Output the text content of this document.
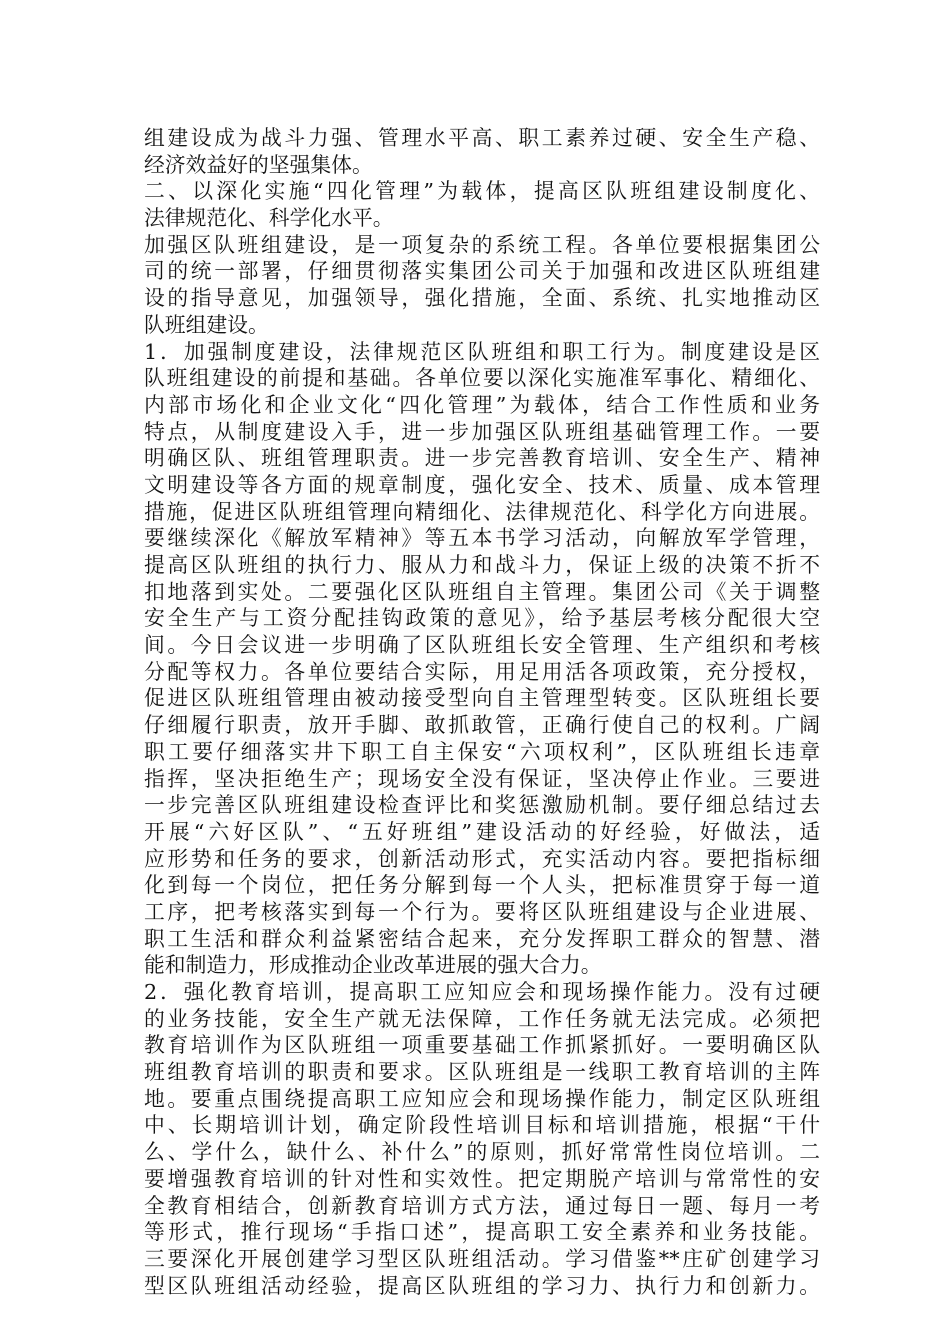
组建设成为战斗力强、管理水平高、职工素养过硬、安全生产稳、
经济效益好的坚强集体。
二、以深化实施“四化管理”为载体，提高区队班组建设制度化、
法律规范化、科学化水平。
加强区队班组建设，是一项复杂的系统工程。各单位要根据集团公
司的统一部署，仔细贯彻落实集团公司关于加强和改进区队班组建
设的指导意见，加强领导，强化措施，全面、系统、扎实地推动区
队班组建设。
1．加强制度建设，法律规范区队班组和职工行为。制度建设是区
队班组建设的前提和基础。各单位要以深化实施准军事化、精细化、
内部市场化和企业文化“四化管理”为载体，结合工作性质和业务
特点，从制度建设入手，进一步加强区队班组基础管理工作。一要
明确区队、班组管理职责。进一步完善教育培训、安全生产、精神
文明建设等各方面的规章制度，强化安全、技术、质量、成本管理
措施，促进区队班组管理向精细化、法律规范化、科学化方向进展。
要继续深化《解放军精神》等五本书学习活动，向解放军学管理，
提高区队班组的执行力、服从力和战斗力，保证上级的决策不折不
扣地落到实处。二要强化区队班组自主管理。集团公司《关于调整
安全生产与工资分配挂钩政策的意见》，给予基层考核分配很大空
间。今日会议进一步明确了区队班组长安全管理、生产组织和考核
分配等权力。各单位要结合实际，用足用活各项政策，充分授权，
促进区队班组管理由被动接受型向自主管理型转变。区队班组长要
仔细履行职责，放开手脚、敢抓敢管，正确行使自己的权利。广阔
职工要仔细落实井下职工自主保安“六项权利”，区队班组长违章
指挥，坚决拒绝生产；现场安全没有保证，坚决停止作业。三要进
一步完善区队班组建设检查评比和奖惩激励机制。要仔细总结过去
开展“六好区队”、“五好班组”建设活动的好经验，好做法，适
应形势和任务的要求，创新活动形式，充实活动内容。要把指标细
化到每一个岗位，把任务分解到每一个人头，把标准贯穿于每一道
工序，把考核落实到每一个行为。要将区队班组建设与企业进展、
职工生活和群众利益紧密结合起来，充分发挥职工群众的智慧、潜
能和制造力，形成推动企业改革进展的强大合力。
2．强化教育培训，提高职工应知应会和现场操作能力。没有过硬
的业务技能，安全生产就无法保障，工作任务就无法完成。必须把
教育培训作为区队班组一项重要基础工作抓紧抓好。一要明确区队
班组教育培训的职责和要求。区队班组是一线职工教育培训的主阵
地。要重点围绕提高职工应知应会和现场操作能力，制定区队班组
中、长期培训计划，确定阶段性培训目标和培训措施，根据“干什
么、学什么，缺什么、补什么”的原则，抓好常常性岗位培训。二
要增强教育培训的针对性和实效性。把定期脱产培训与常常性的安
全教育相结合，创新教育培训方式方法，通过每日一题、每月一考
等形式，推行现场“手指口述”，提高职工安全素养和业务技能。
三要深化开展创建学习型区队班组活动。学习借鉴**庄矿创建学习
型区队班组活动经验，提高区队班组的学习力、执行力和创新力。
